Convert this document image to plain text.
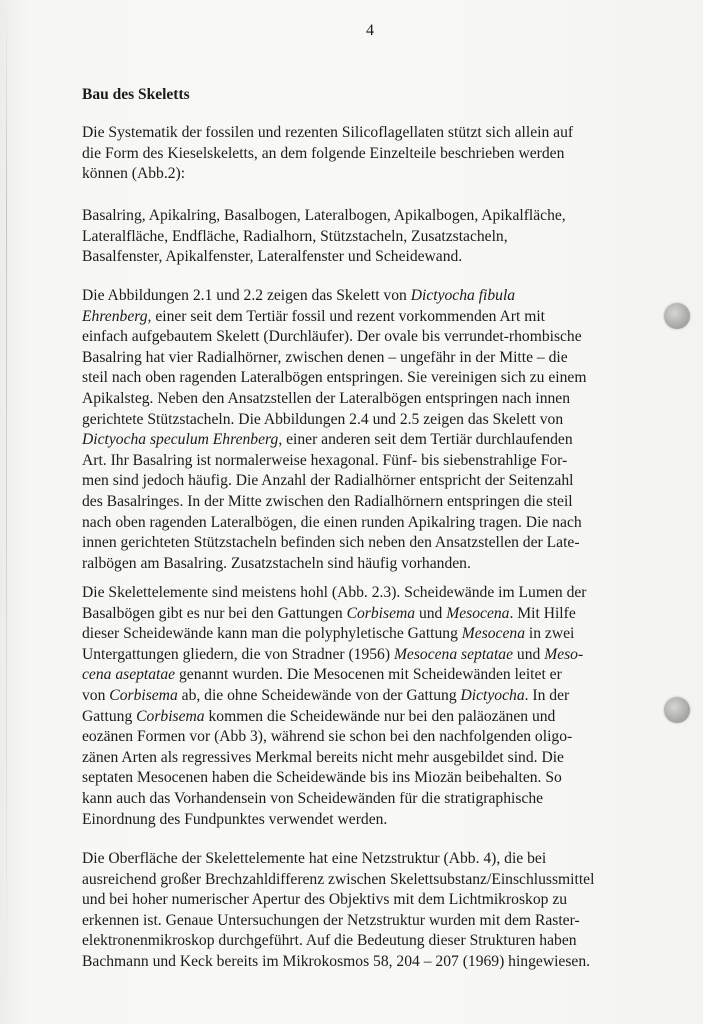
4
Bau des Skeletts

Die Systematik der fossilen und rezenten Silicoflagellaten stützt sich allein auf
die Form des Kieselskeletts, an dem folgende Einzelteile beschrieben werden
können (Abb.2):

Basalring, Apikalring, Basalbogen, Lateralbogen, Apikalbogen, Apikalfläche,
Lateralfläche, Endfläche, Radialhorn, Stützstacheln, Zusatzstacheln,
Basalfenster, Apikalfenster, Lateralfenster und Scheidewand.

Die Abbildungen 2.1 und 2.2 zeigen das Skelett von Dictyocha fibula
Ehrenberg, einer seit dem Tertiär fossil und rezent vorkommenden Art mit
einfach aufgebautem Skelett (Durchläufer). Der ovale bis verrundet-rhombische
Basalring hat vier Radialhörner, zwischen denen – ungefähr in der Mitte – die
steil nach oben ragenden Lateralbögen entspringen. Sie vereinigen sich zu einem
Apikalsteg. Neben den Ansatzstellen der Lateralbögen entspringen nach innen
gerichtete Stützstacheln. Die Abbildungen 2.4 und 2.5 zeigen das Skelett von
Dictyocha speculum Ehrenberg, einer anderen seit dem Tertiär durchlaufenden
Art. Ihr Basalring ist normalerweise hexagonal. Fünf- bis siebenstrahlige For-
men sind jedoch häufig. Die Anzahl der Radialhörner entspricht der Seitenzahl
des Basalringes. In der Mitte zwischen den Radialhörnern entspringen die steil
nach oben ragenden Lateralbögen, die einen runden Apikalring tragen. Die nach
innen gerichteten Stützstacheln befinden sich neben den Ansatzstellen der Late-
ralbögen am Basalring. Zusatzstacheln sind häufig vorhanden.

Die Skelettelemente sind meistens hohl (Abb. 2.3). Scheidewände im Lumen der
Basalbögen gibt es nur bei den Gattungen Corbisema und Mesocena. Mit Hilfe
dieser Scheidewände kann man die polyphyletische Gattung Mesocena in zwei
Untergattungen gliedern, die von Stradner (1956) Mesocena septatae und Meso-
cena aseptatae genannt wurden. Die Mesocenen mit Scheidewänden leitet er
von Corbisema ab, die ohne Scheidewände von der Gattung Dictyocha. In der
Gattung Corbisema kommen die Scheidewände nur bei den paläozänen und
eozänen Formen vor (Abb 3), während sie schon bei den nachfolgenden oligo-
zänen Arten als regressives Merkmal bereits nicht mehr ausgebildet sind. Die
septaten Mesocenen haben die Scheidewände bis ins Miozän beibehalten. So
kann auch das Vorhandensein von Scheidewänden für die stratigraphische
Einordnung des Fundpunktes verwendet werden.

Die Oberfläche der Skelettelemente hat eine Netzstruktur (Abb. 4), die bei
ausreichend großer Brechzahldifferenz zwischen Skelettsubstanz/Einschlussmittel
und bei hoher numerischer Apertur des Objektivs mit dem Lichtmikroskop zu
erkennen ist. Genaue Untersuchungen der Netzstruktur wurden mit dem Raster-
elektronenmikroskop durchgeführt. Auf die Bedeutung dieser Strukturen haben
Bachmann und Keck bereits im Mikrokosmos 58, 204 – 207 (1969) hingewiesen.
